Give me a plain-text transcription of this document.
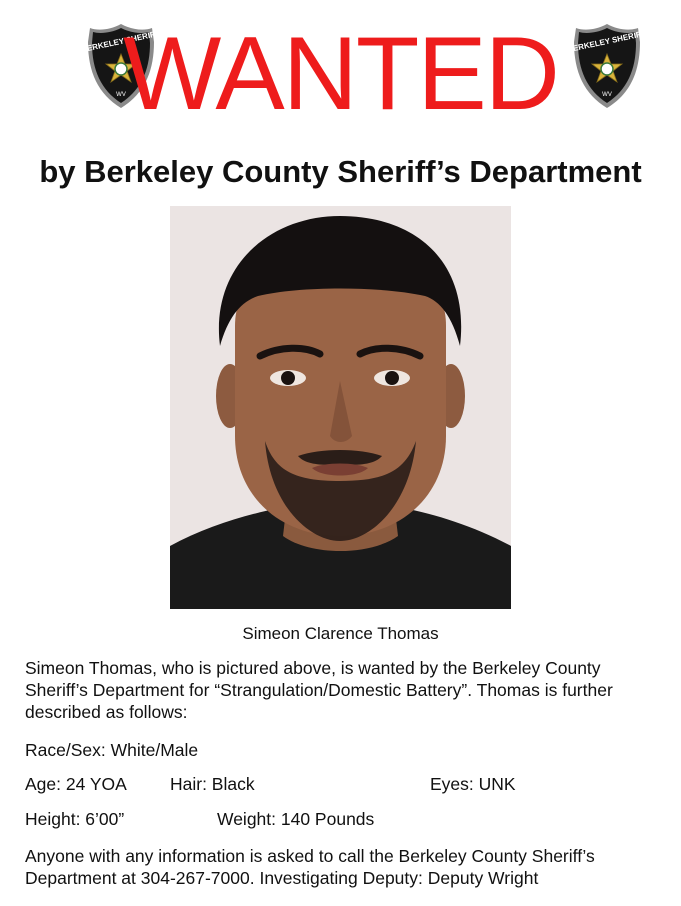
BERKELEY SHERIFF
WV
WANTED	BERKELEY SHERIFF
WV
by Berkeley County Sheriff’s Department
Simeon Clarence Thomas
Simeon Thomas, who is pictured above, is wanted by the Berkeley County Sheriff’s Department for “Strangulation/Domestic Battery”. Thomas is further described as follows:
Race/Sex: White/Male
Age: 24 YOA Hair: Black	Eyes: UNK
Height: 6’00”	Weight: 140 Pounds
Anyone with any information is asked to call the Berkeley County Sheriff’s Department at 304-267-7000. Investigating Deputy: Deputy Wright
